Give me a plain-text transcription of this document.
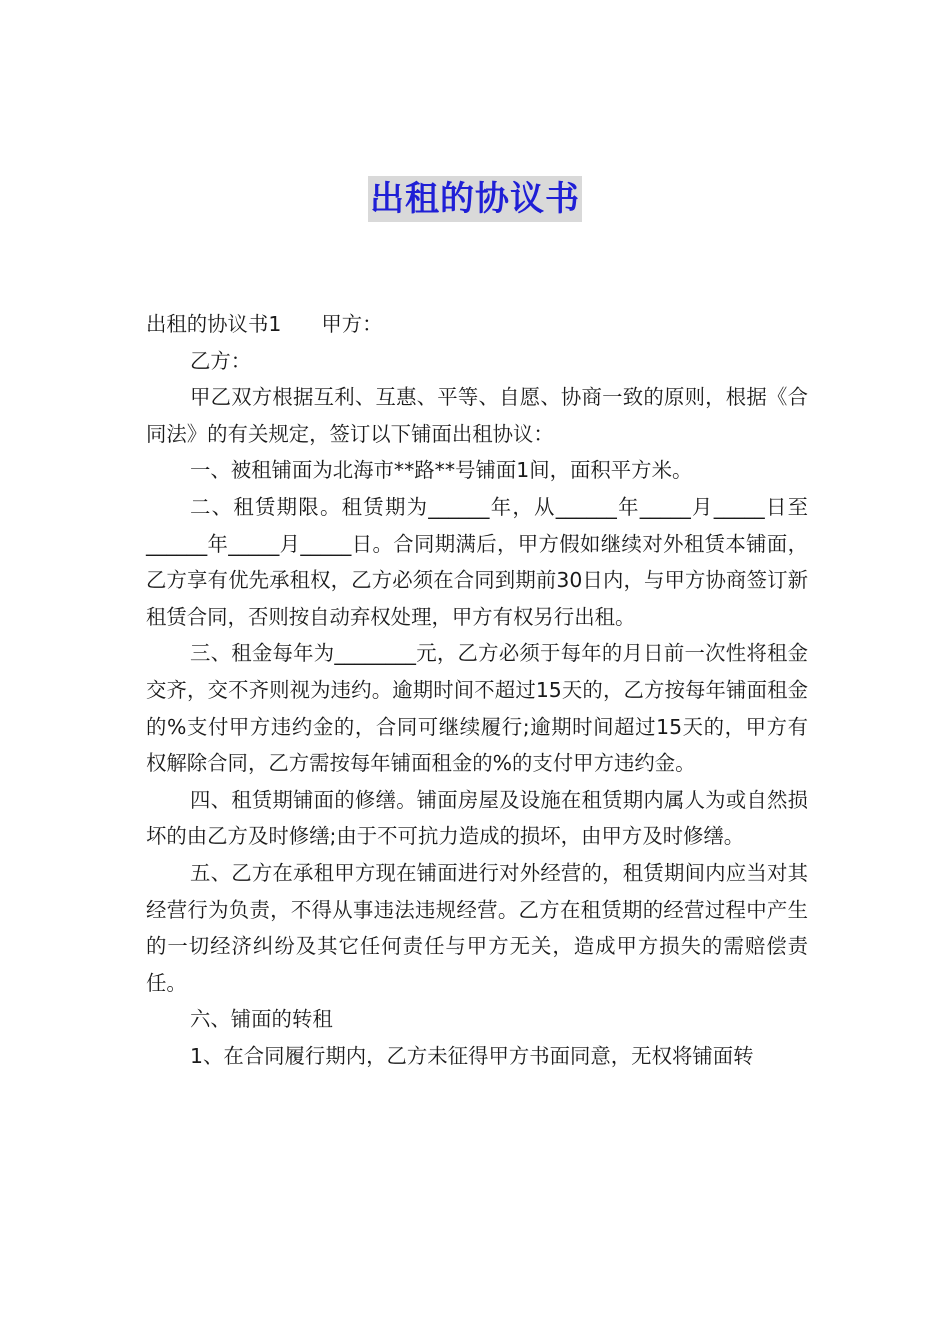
出租的协议书

出租的协议书1 甲方：

乙方：

甲乙双方根据互利、互惠、平等、自愿、协商一致的原则，根据《合同法》的有关规定，签订以下铺面出租协议：

一、被租铺面为北海市**路**号铺面1间，面积平方米。

二、租赁期限。租赁期为______年，从______年_____月_____日至______年_____月_____日。合同期满后，甲方假如继续对外租赁本铺面，乙方享有优先承租权，乙方必须在合同到期前30日内，与甲方协商签订新租赁合同，否则按自动弃权处理，甲方有权另行出租。

三、租金每年为________元，乙方必须于每年的月日前一次性将租金交齐，交不齐则视为违约。逾期时间不超过15天的，乙方按每年铺面租金的%支付甲方违约金的，合同可继续履行;逾期时间超过15天的，甲方有权解除合同，乙方需按每年铺面租金的%的支付甲方违约金。

四、租赁期铺面的修缮。铺面房屋及设施在租赁期内属人为或自然损坏的由乙方及时修缮;由于不可抗力造成的损坏，由甲方及时修缮。

五、乙方在承租甲方现在铺面进行对外经营的，租赁期间内应当对其经营行为负责，不得从事违法违规经营。乙方在租赁期的经营过程中产生的一切经济纠纷及其它任何责任与甲方无关，造成甲方损失的需赔偿责任。

六、铺面的转租

1、在合同履行期内，乙方未征得甲方书面同意，无权将铺面转
